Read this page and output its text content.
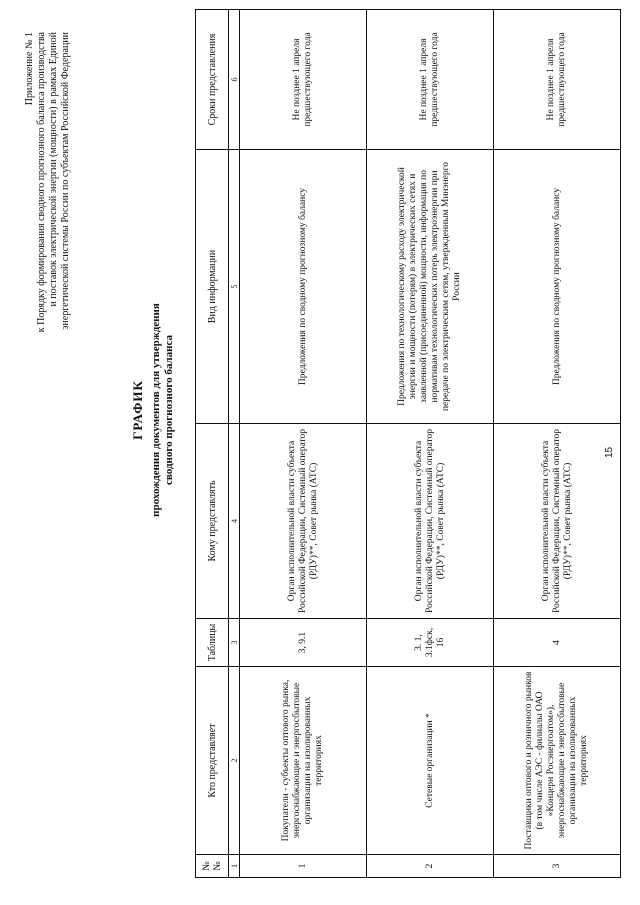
Приложение № 1 к Порядку формирования сводного прогнозного баланса производства и поставок электрической энергии (мощности) в рамках Единой энергетической системы России по субъектам Российской Федерации
ГРАФИК прохождения документов для утверждения сводного прогнозного баланса
№№	Кто представляет	Таблицы	Кому представлять	Вид информации	Сроки представления
1	2	3	4	5	6
1	Покупатели - субъекты оптового рынка, энергоснабжающие и энергосбытовые организации на изолированных территориях	3, 9.1	Орган исполнительной власти субъекта Российской Федерации, Системный оператор (РДУ)**, Совет рынка (АТС)	Предложения по сводному прогнозному балансу	Не позднее 1 апреля предшествующего года
2	Сетевые организации *	3. 1, 3.1фск, 16	Орган исполнительной власти субъекта Российской Федерации, Системный оператор (РДУ)**, Совет рынка (АТС)	Предложения по технологическому расходу электрической энергии и мощности (потерям) в электрических сетях и заявленной (присоединенной) мощности, информация по нормативам технологических потерь электроэнергии при передаче по электрическим сетям, утвержденным Минэнерго России	Не позднее 1 апреля предшествующего года
3	Поставщики оптового и розничного рынков (в том числе АЭС - филиалы ОАО «Концерн Росэнергоатом»), энергоснабжающие и энергосбытовые организации на изолированных территориях	4	Орган исполнительной власти субъекта Российской Федерации, Системный оператор (РДУ)**, Совет рынка (АТС)	Предложения по сводному прогнозному балансу	Не позднее 1 апреля предшествующего года
15
